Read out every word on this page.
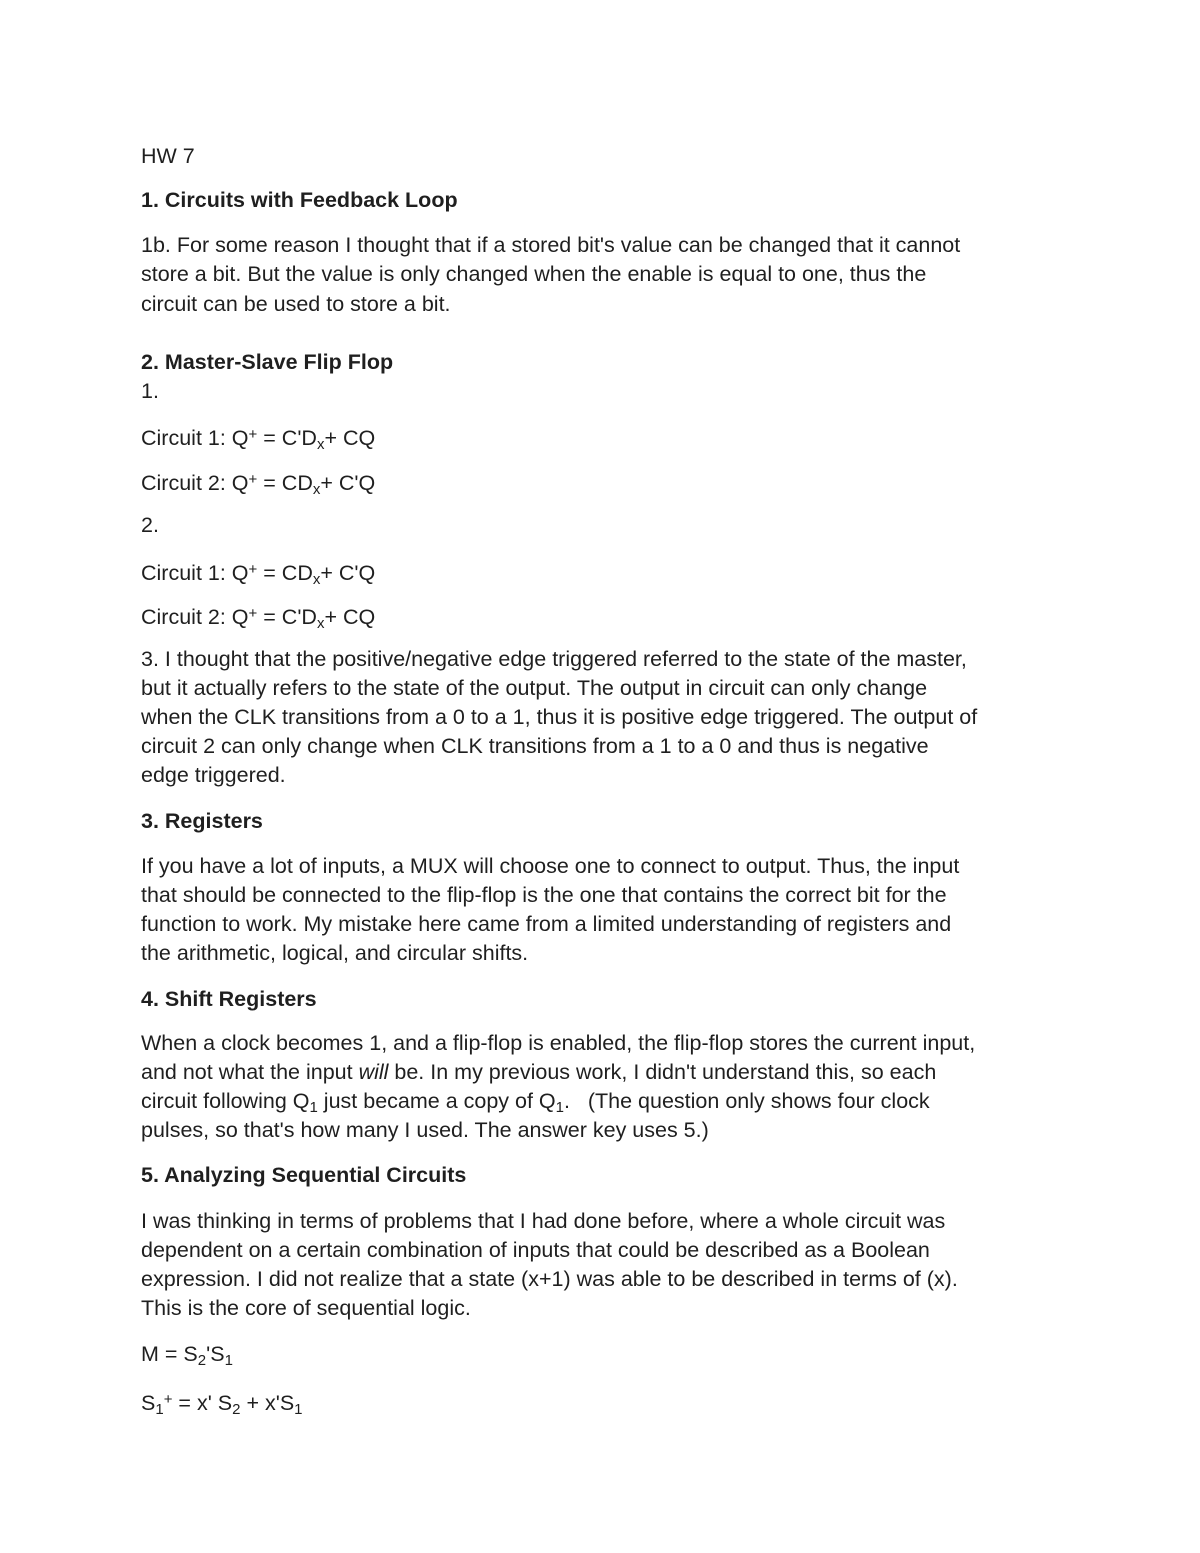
HW 7
1. Circuits with Feedback Loop
1b. For some reason I thought that if a stored bit's value can be changed that it cannot
store a bit. But the value is only changed when the enable is equal to one, thus the
circuit can be used to store a bit.
2. Master-Slave Flip Flop
1.
Circuit 1: $Q^+ = C'D_x+$ CQ
Circuit 2: $Q^+ = CD_x+ C'Q$
2.
Circuit 1: $Q^+ = CD_x+ C'Q$
Circuit 2: $Q^+ = C'D_x+$ CQ
3. I thought that the positive/negative edge triggered referred to the state of the master,
but it actually refers to the state of the output. The output in circuit can only change
when the CLK transitions from a 0 to a 1, thus it is positive edge triggered. The output of
circuit 2 can only change when CLK transitions from a 1 to a 0 and thus is negative
edge triggered.
3. Registers
If you have a lot of inputs, a MUX will choose one to connect to output. Thus, the input
that should be connected to the flip-flop is the one that contains the correct bit for the
function to work. My mistake here came from a limited understanding of registers and
the arithmetic, logical, and circular shifts.
4. Shift Registers
When a clock becomes 1, and a flip-flop is enabled, the flip-flop stores the current input,
and not what the input will be. In my previous work, I didn't understand this, so each
circuit following $Q_1$ just became a copy of $Q_1$.   (The question only shows four clock
pulses, so that's how many I used. The answer key uses 5.)
5. Analyzing Sequential Circuits
I was thinking in terms of problems that I had done before, where a whole circuit was
dependent on a certain combination of inputs that could be described as a Boolean
expression. I did not realize that a state (x+1) was able to be described in terms of (x).
This is the core of sequential logic.
$M = S_2'S_1$
$S_1^+ = x'$ $S_2 + x'S_1$
